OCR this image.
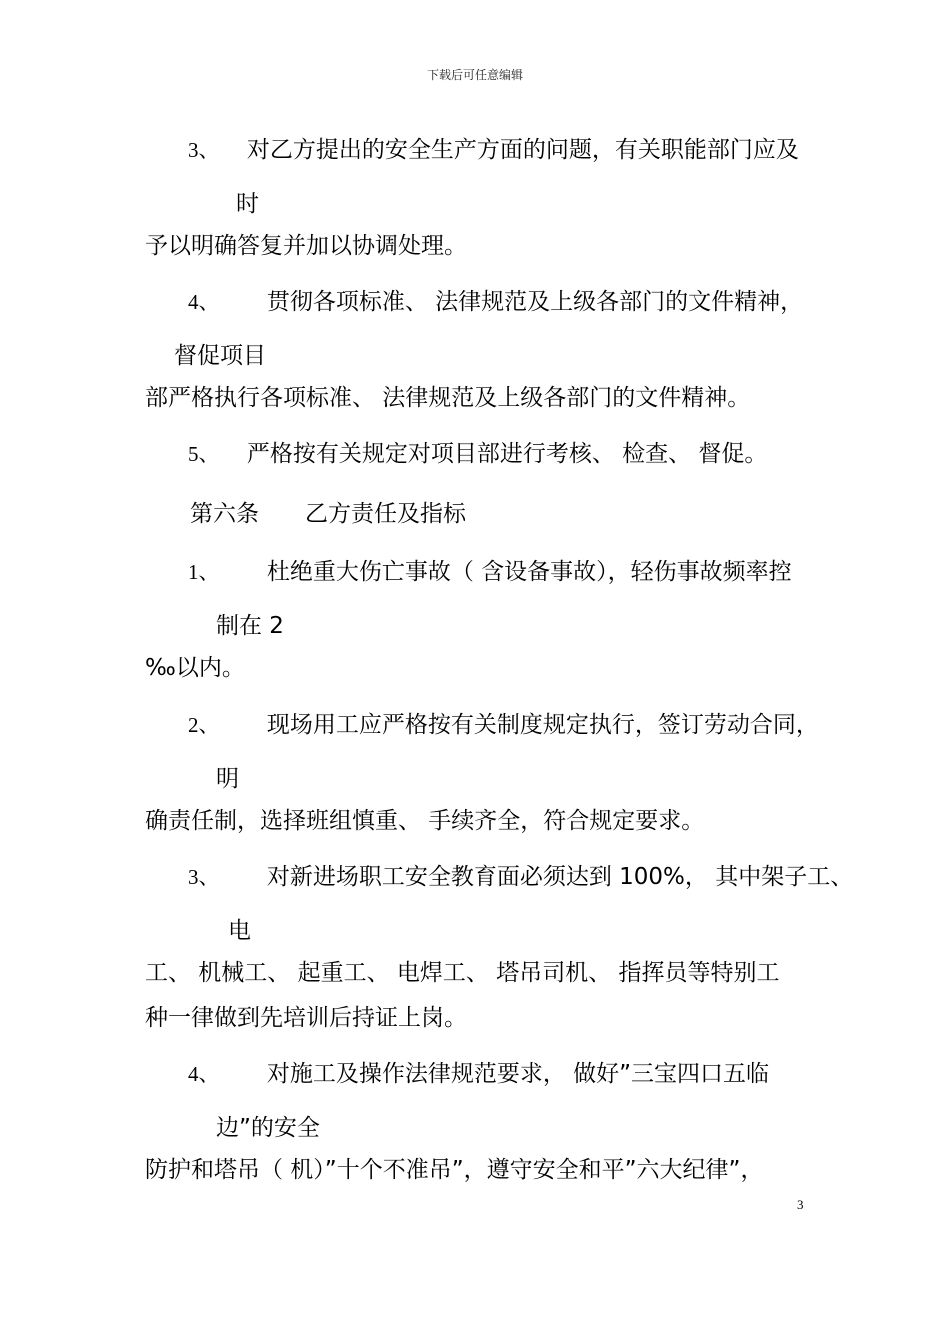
下载后可任意编辑
3、 对乙方提出的安全生产方面的问题，有关职能部门应及
时
予以明确答复并加以协调处理。
4、 贯彻各项标准、 法律规范及上级各部门的文件精神，
督促项目
部严格执行各项标准、 法律规范及上级各部门的文件精神。
5、 严格按有关规定对项目部进行考核、 检查、 督促。
第六条　　乙方责任及指标
1、 杜绝重大伤亡事故（ 含设备事故），轻伤事故频率控
制在 2
‰以内。
2、 现场用工应严格按有关制度规定执行，签订劳动合同，
明
确责任制，选择班组慎重、 手续齐全，符合规定要求。
3、 对新进场职工安全教育面必须达到 100%， 其中架子工、
电
工、 机械工、 起重工、 电焊工、 塔吊司机、 指挥员等特别工
种一律做到先培训后持证上岗。
4、 对施工及操作法律规范要求， 做好”三宝四口五临
边”的安全
防护和塔吊（ 机）”十个不准吊”，遵守安全和平”六大纪律”，
3
